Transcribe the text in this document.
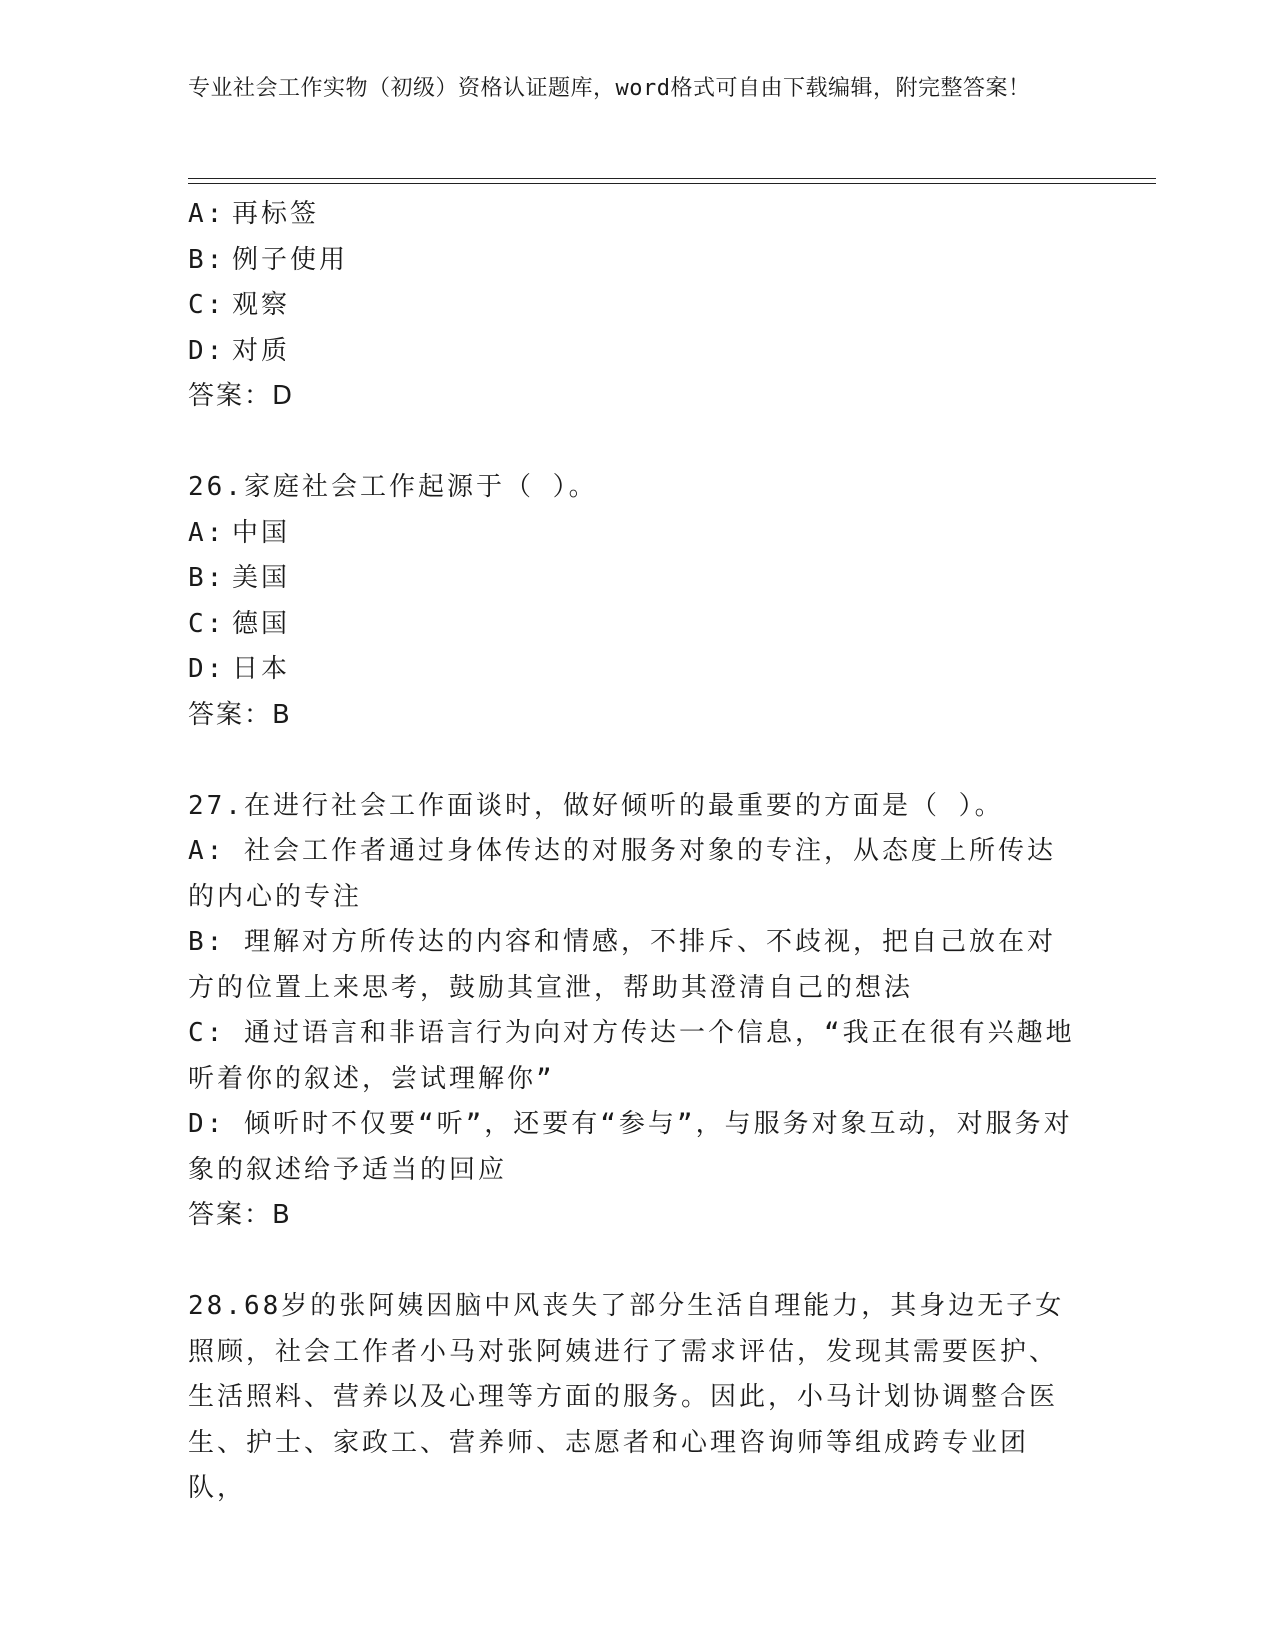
专业社会工作实物（初级）资格认证题库，word格式可自由下载编辑，附完整答案！
A: 再标签
B: 例子使用
C: 观察
D: 对质
答案：D
26.家庭社会工作起源于（ ）。
A: 中国
B: 美国
C: 德国
D: 日本
答案：B
27.在进行社会工作面谈时，做好倾听的最重要的方面是（ ）。
A: 社会工作者通过身体传达的对服务对象的专注，从态度上所传达的内心的专注
B: 理解对方所传达的内容和情感，不排斥、不歧视，把自己放在对方的位置上来思考，鼓励其宣泄，帮助其澄清自己的想法
C: 通过语言和非语言行为向对方传达一个信息，“我正在很有兴趣地听着你的叙述，尝试理解你”
D: 倾听时不仅要“听”，还要有“参与”，与服务对象互动，对服务对象的叙述给予适当的回应
答案：B
28.68岁的张阿姨因脑中风丧失了部分生活自理能力，其身边无子女照顾，社会工作者小马对张阿姨进行了需求评估，发现其需要医护、生活照料、营养以及心理等方面的服务。因此，小马计划协调整合医生、护士、家政工、营养师、志愿者和心理咨询师等组成跨专业团队，
